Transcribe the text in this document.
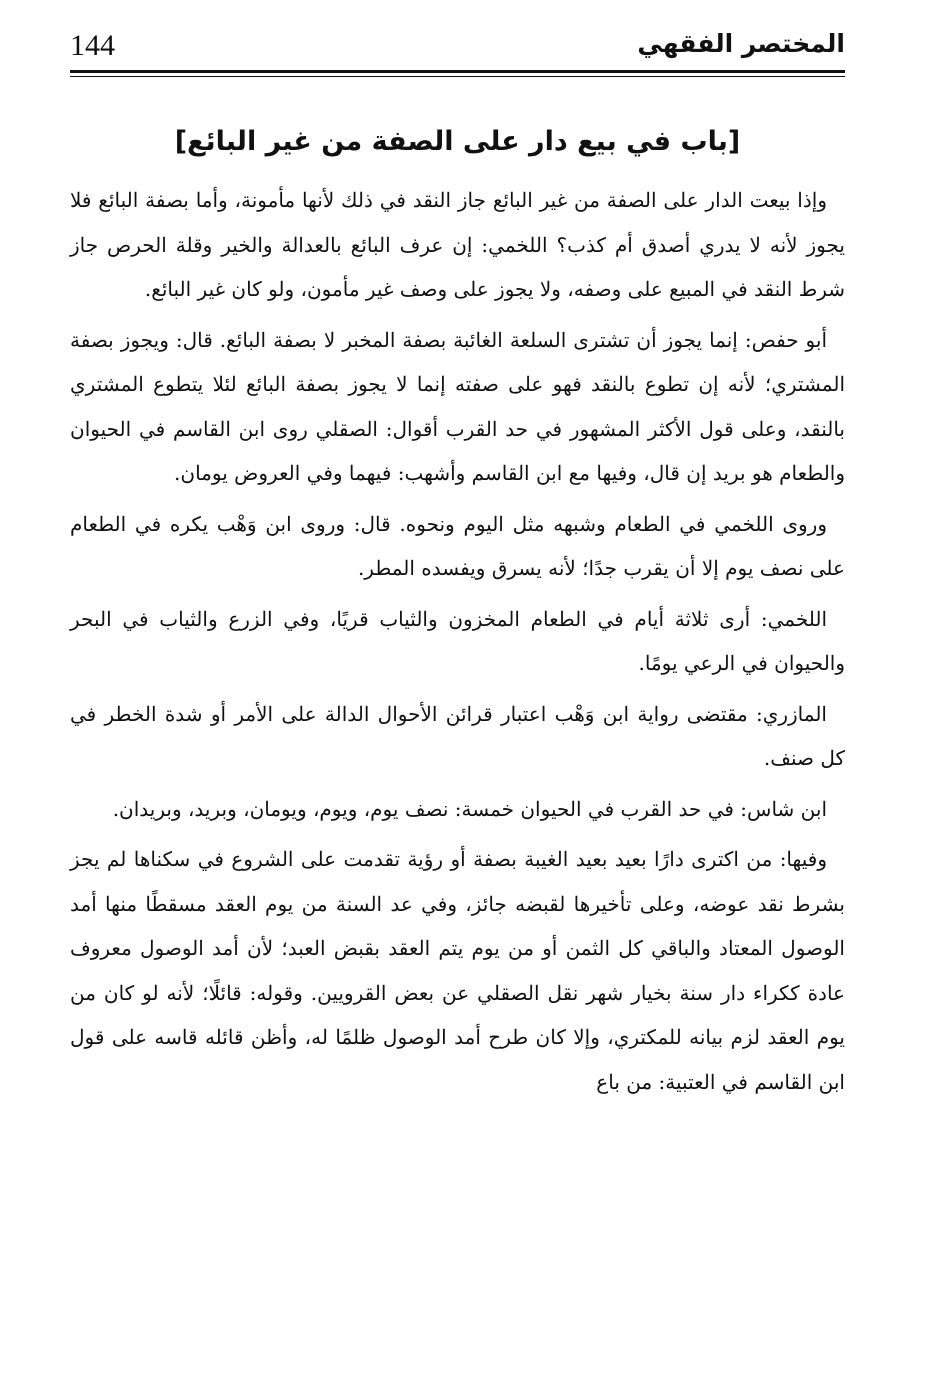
144	المختصر الفقهي
[باب في بيع دار على الصفة من غير البائع]

وإذا بيعت الدار على الصفة من غير البائع جاز النقد في ذلك لأنها مأمونة، وأما بصفة البائع فلا يجوز لأنه لا يدري أصدق أم كذب؟ اللخمي: إن عرف البائع بالعدالة والخير وقلة الحرص جاز شرط النقد في المبيع على وصفه، ولا يجوز على وصف غير مأمون، ولو كان غير البائع.

أبو حفص: إنما يجوز أن تشترى السلعة الغائبة بصفة المخبر لا بصفة البائع. قال: ويجوز بصفة المشتري؛ لأنه إن تطوع بالنقد فهو على صفته إنما لا يجوز بصفة البائع لئلا يتطوع المشتري بالنقد، وعلى قول الأكثر المشهور في حد القرب أقوال: الصقلي روى ابن القاسم في الحيوان والطعام هو بريد إن قال، وفيها مع ابن القاسم وأشهب: فيهما وفي العروض يومان.

وروى اللخمي في الطعام وشبهه مثل اليوم ونحوه. قال: وروى ابن وَهْب يكره في الطعام على نصف يوم إلا أن يقرب جدًا؛ لأنه يسرق ويفسده المطر.

اللخمي: أرى ثلاثة أيام في الطعام المخزون والثياب قريًا، وفي الزرع والثياب في البحر والحيوان في الرعي يومًا.

المازري: مقتضى رواية ابن وَهْب اعتبار قرائن الأحوال الدالة على الأمر أو شدة الخطر في كل صنف.

ابن شاس: في حد القرب في الحيوان خمسة: نصف يوم، ويوم، ويومان، وبريد، وبريدان.

وفيها: من اكترى دارًا بعيد بعيد الغيبة بصفة أو رؤية تقدمت على الشروع في سكناها لم يجز بشرط نقد عوضه، وعلى تأخيرها لقبضه جائز، وفي عد السنة من يوم العقد مسقطًا منها أمد الوصول المعتاد والباقي كل الثمن أو من يوم يتم العقد بقبض العبد؛ لأن أمد الوصول معروف عادة ككراء دار سنة بخيار شهر نقل الصقلي عن بعض القرويين. وقوله: قائلًا؛ لأنه لو كان من يوم العقد لزم بيانه للمكتري، وإلا كان طرح أمد الوصول ظلمًا له، وأظن قائله قاسه على قول ابن القاسم في العتبية: من باع
